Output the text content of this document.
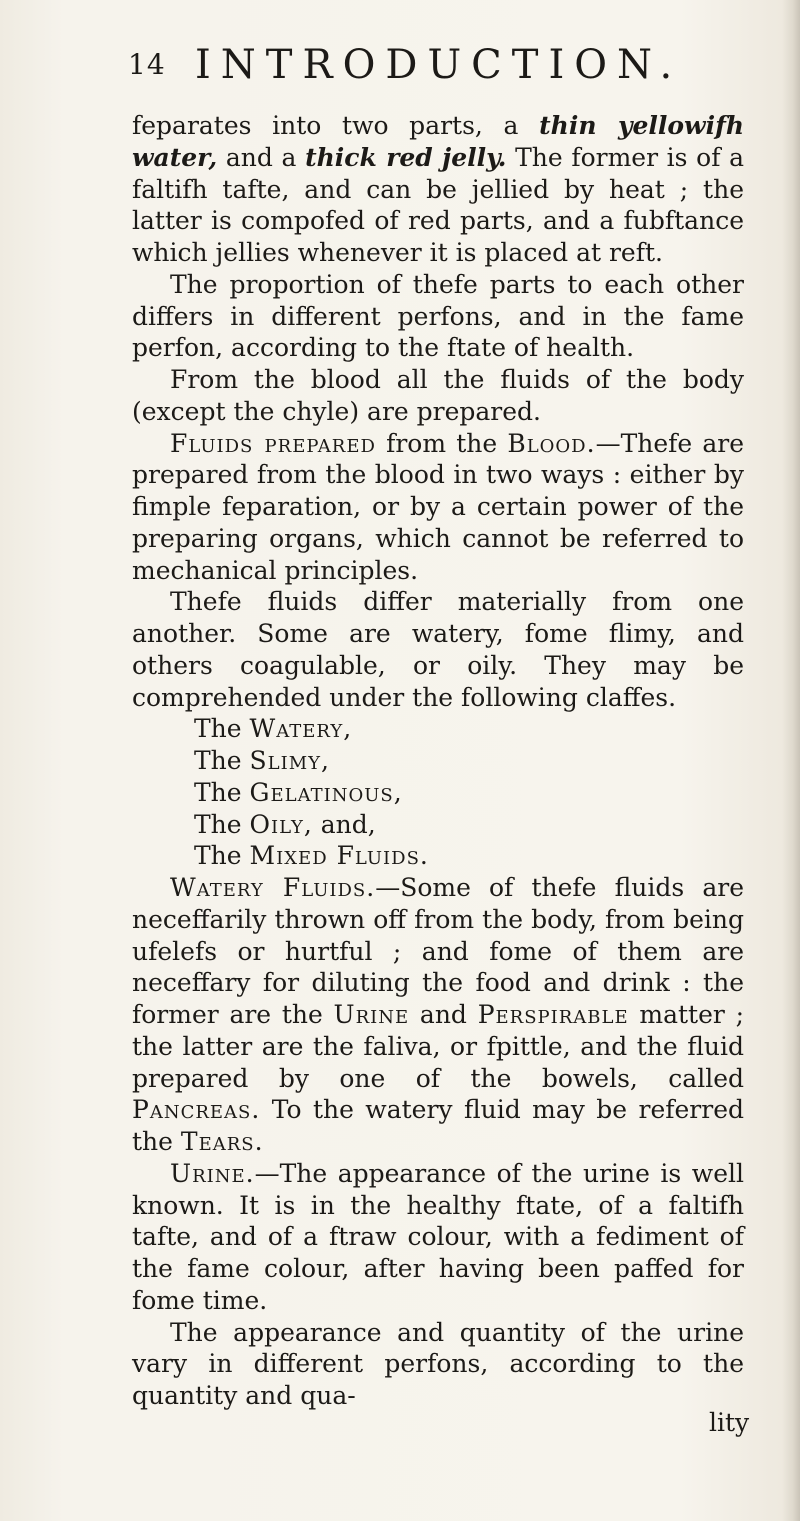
14 INTRODUCTION.

feparates into two parts, a thin yellowifh water, and a thick red jelly. The former is of a faltifh tafte, and can be jellied by heat ; the latter is compofed of red parts, and a fubftance which jellies whenever it is placed at reft.

The proportion of thefe parts to each other differs in different perfons, and in the fame perfon, according to the ftate of health.

From the blood all the fluids of the body (except the chyle) are prepared.

Fluids prepared from the Blood.—Thefe are prepared from the blood in two ways : either by fimple feparation, or by a certain power of the preparing organs, which cannot be referred to mechanical principles.

Thefe fluids differ materially from one another. Some are watery, fome flimy, and others coagulable, or oily. They may be comprehended under the following claffes.

The Watery,
The Slimy,
The Gelatinous,
The Oily, and,
The Mixed Fluids.

Watery Fluids.—Some of thefe fluids are neceffarily thrown off from the body, from being ufelefs or hurtful ; and fome of them are neceffary for diluting the food and drink : the former are the Urine and Perspirable matter ; the latter are the faliva, or fpittle, and the fluid prepared by one of the bowels, called Pancreas. To the watery fluid may be referred the Tears.

Urine.—The appearance of the urine is well known. It is in the healthy ftate, of a faltifh tafte, and of a ftraw colour, with a fediment of the fame colour, after having been paffed for fome time.

The appearance and quantity of the urine vary in different perfons, according to the quantity and qua-

lity
